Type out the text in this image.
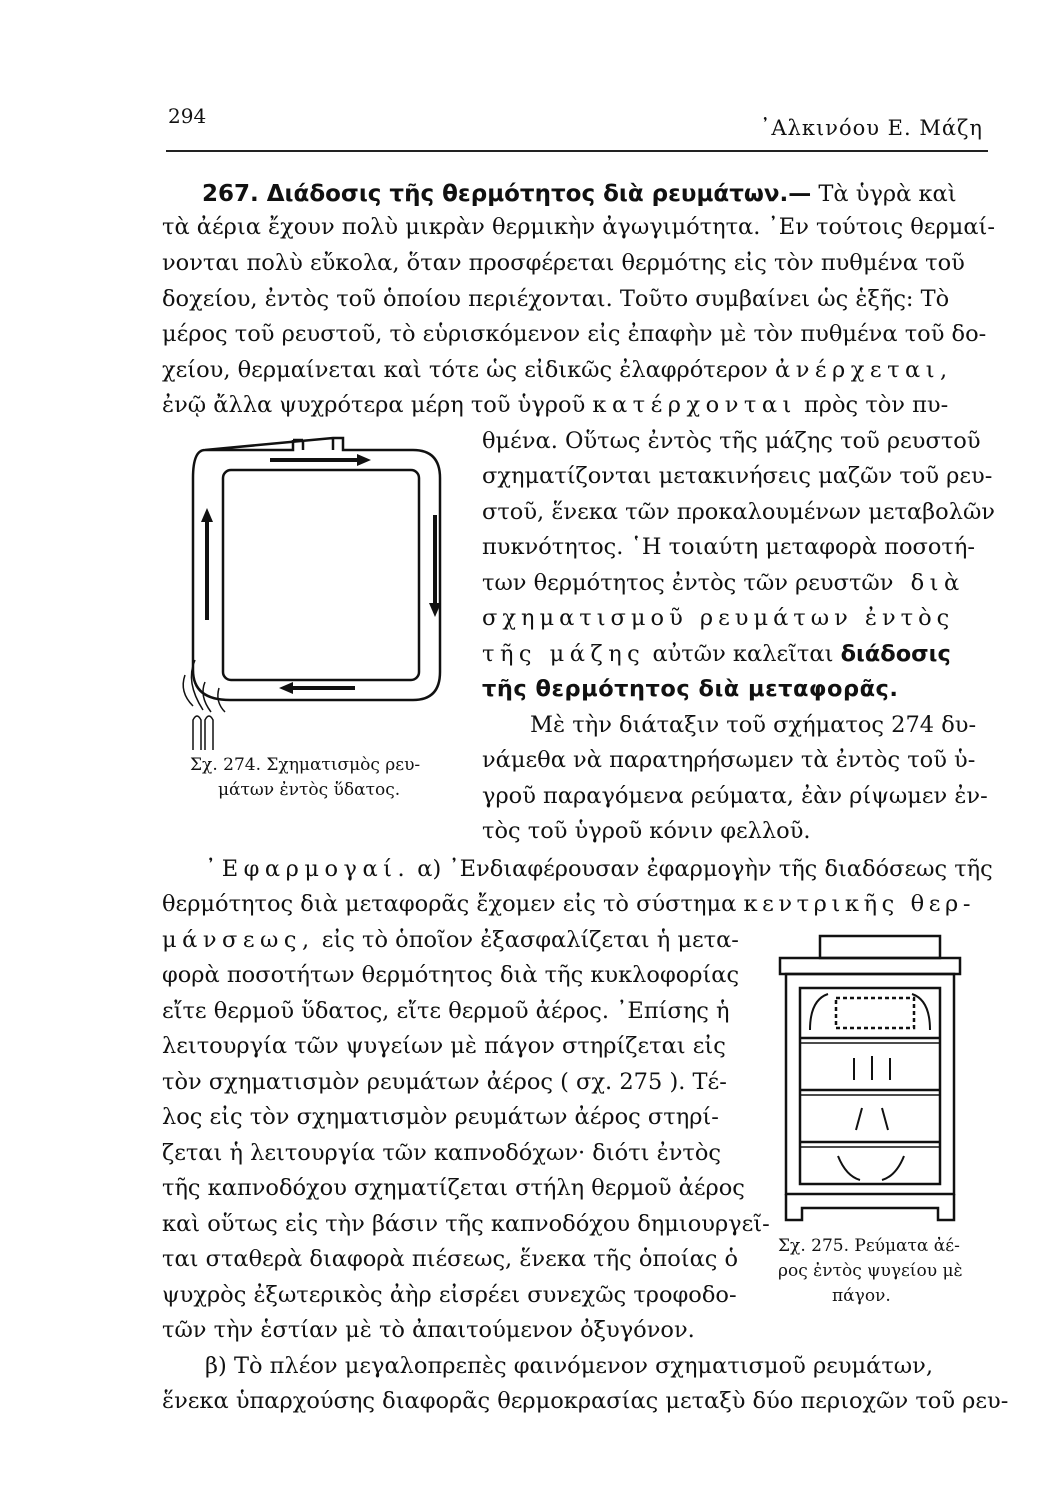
294	᾿Αλκινόου Ε. Μάζη
267. Διάδοσις τῆς θερμότητος διὰ ρευμάτων.— Τὰ ὑγρὰ καὶ
τὰ ἀέρια ἔχουν πολὺ μικρὰν θερμικὴν ἀγωγιμότητα. ᾿Εν τούτοις θερμαί-
νονται πολὺ εὔκολα, ὅταν προσφέρεται θερμότης εἰς τὸν πυθμένα τοῦ
δοχείου, ἐντὸς τοῦ ὁποίου περιέχονται. Τοῦτο συμβαίνει ὡς ἑξῆς: Τὸ
μέρος τοῦ ρευστοῦ, τὸ εὑρισκόμενον εἰς ἐπαφὴν μὲ τὸν πυθμένα τοῦ δο-
χείου, θερμαίνεται καὶ τότε ὡς εἰδικῶς ἐλαφρότερον ἀνέρχεται,
ἐνῷ ἄλλα ψυχρότερα μέρη τοῦ ὑγροῦ κατέρχονται πρὸς τὸν πυ-
θμένα. Οὕτως ἐντὸς τῆς μάζης τοῦ ρευστοῦ
σχηματίζονται μετακινήσεις μαζῶν τοῦ ρευ-
στοῦ, ἕνεκα τῶν προκαλουμένων μεταβολῶν
πυκνότητος. ῾Η τοιαύτη μεταφορὰ ποσοτή-
των θερμότητος ἐντὸς τῶν ρευστῶν διὰ
σχηματισμοῦ ρευμάτων ἐντὸς
τῆς μάζης αὐτῶν καλεῖται διάδοσις
τῆς θερμότητος διὰ μεταφορᾶς.
Μὲ τὴν διάταξιν τοῦ σχήματος 274 δυ-
νάμεθα νὰ παρατηρήσωμεν τὰ ἐντὸς τοῦ ὑ-
γροῦ παραγόμενα ρεύματα, ἐὰν ρίψωμεν ἐν-
τὸς τοῦ ὑγροῦ κόνιν φελλοῦ.
Σχ. 274. Σχηματισμὸς ρευ-
μάτων ἐντὸς ὕδατος.
᾿Εφαρμογαί. α) ᾿Ενδιαφέρουσαν ἐφαρμογὴν τῆς διαδόσεως τῆς
θερμότητος διὰ μεταφορᾶς ἔχομεν εἰς τὸ σύστημα κεντρικῆς θερ-
μάνσεως, εἰς τὸ ὁποῖον ἐξασφαλίζεται ἡ μετα-
φορὰ ποσοτήτων θερμότητος διὰ τῆς κυκλοφορίας
εἴτε θερμοῦ ὕδατος, εἴτε θερμοῦ ἀέρος. ᾿Επίσης ἡ
λειτουργία τῶν ψυγείων μὲ πάγον στηρίζεται εἰς
τὸν σχηματισμὸν ρευμάτων ἀέρος ( σχ. 275 ). Τέ-
λος εἰς τὸν σχηματισμὸν ρευμάτων ἀέρος στηρί-
ζεται ἡ λειτουργία τῶν καπνοδόχων· διότι ἐντὸς
τῆς καπνοδόχου σχηματίζεται στήλη θερμοῦ ἀέρος
καὶ οὕτως εἰς τὴν βάσιν τῆς καπνοδόχου δημιουργεῖ-
ται σταθερὰ διαφορὰ πιέσεως, ἕνεκα τῆς ὁποίας ὁ
ψυχρὸς ἐξωτερικὸς ἀὴρ εἰσρέει συνεχῶς τροφοδο-
τῶν τὴν ἑστίαν μὲ τὸ ἀπαιτούμενον ὀξυγόνον.
β) Τὸ πλέον μεγαλοπρεπὲς φαινόμενον σχηματισμοῦ ρευμάτων,
ἕνεκα ὑπαρχούσης διαφορᾶς θερμοκρασίας μεταξὺ δύο περιοχῶν τοῦ ρευ-
Σχ. 275. Ρεύματα ἀέ-
ρος ἐντὸς ψυγείου μὲ
πάγον.
